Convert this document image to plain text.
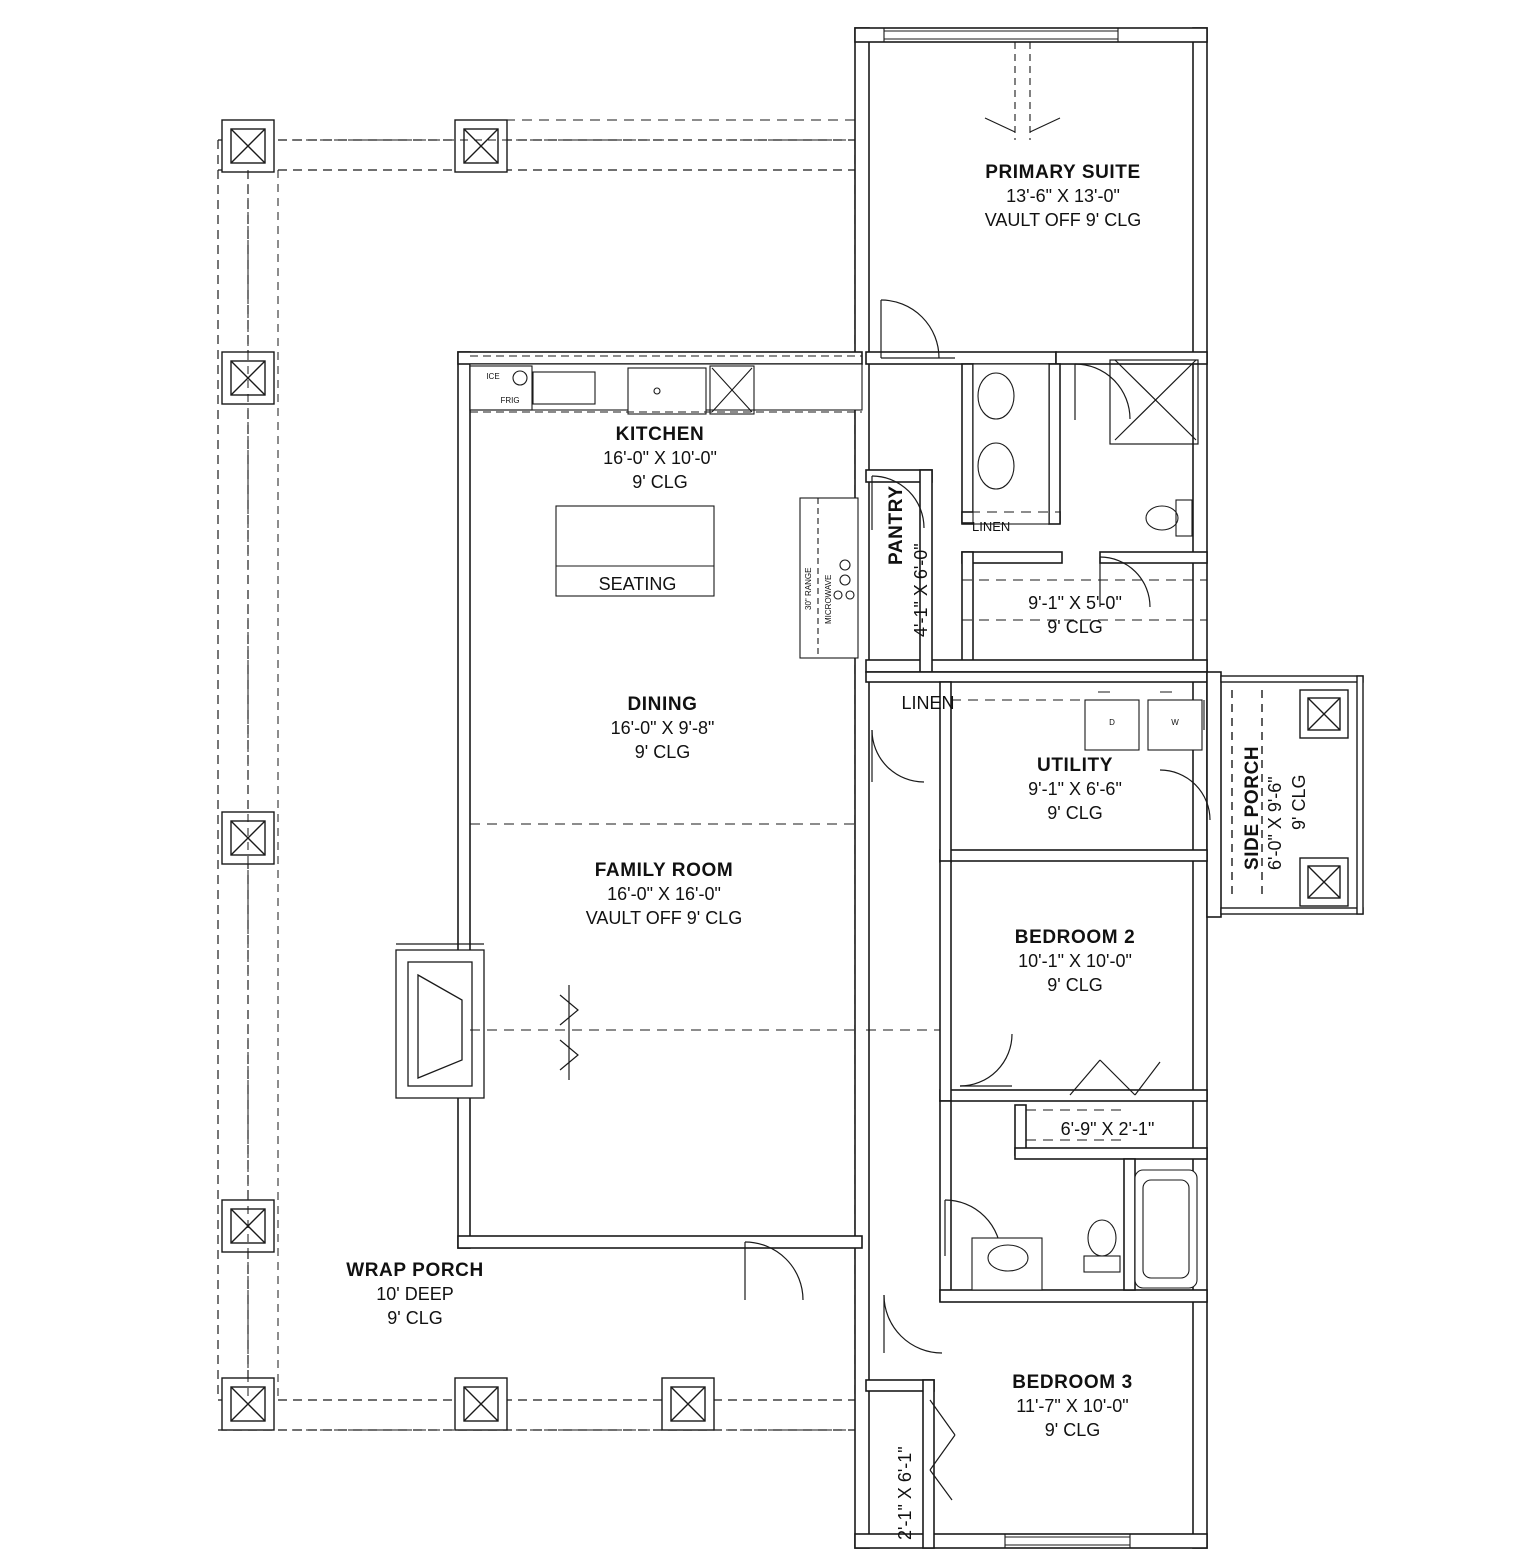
PRIMARY SUITE
13'-6" X 13'-0"
VAULT OFF 9' CLG
KITCHEN
16'-0" X 10'-0"
9' CLG
SEATING
DINING
16'-0" X 9'-8"
9' CLG
FAMILY ROOM
16'-0" X 16'-0"
VAULT OFF 9' CLG
WRAP PORCH
10' DEEP
9' CLG
UTILITY
9'-1" X 6'-6"
9' CLG
BEDROOM 2
10'-1" X 10'-0"
9' CLG
BEDROOM 3
11'-7" X 10'-0"
9' CLG
PANTRY
4'-1" X 6'-0"
SIDE PORCH 6'-0" X 9'-6" 9' CLG
9'-1" X 5'-0"
9' CLG
6'-9" X 2'-1"
2'-1" X 6'-1"
LINEN
LINEN
ICE
FRIG
30" RANGE MICROWAVE
D	W
